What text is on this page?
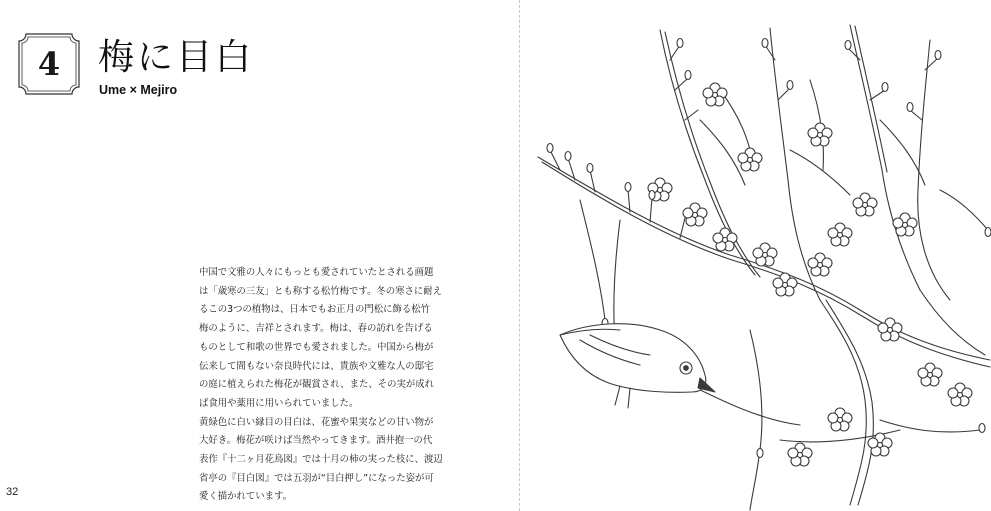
4	梅に目白
Ume × Mejiro

中国で文雅の人々にもっとも愛されていたとされる画題

は「歳寒の三友」とも称する松竹梅です。冬の寒さに耐え

るこの3つの植物は、日本でもお正月の門松に飾る松竹

梅のように、吉祥とされます。梅は、春の訪れを告げる

ものとして和歌の世界でも愛されました。中国から梅が

伝来して間もない奈良時代には、貴族や文雅な人の邸宅

の庭に植えられた梅花が観賞され、また、その実が成れ

ば食用や薬用に用いられていました。

黄緑色に白い縁目の目白は、花蜜や果実などの甘い物が

大好き。梅花が咲けば当然やってきます。酒井抱一の代

表作『十二ヶ月花鳥図』では十月の柿の実った枝に、渡辺

省亭の『目白図』では五羽が“目白押し”になった姿が可

愛く描かれています。

32
